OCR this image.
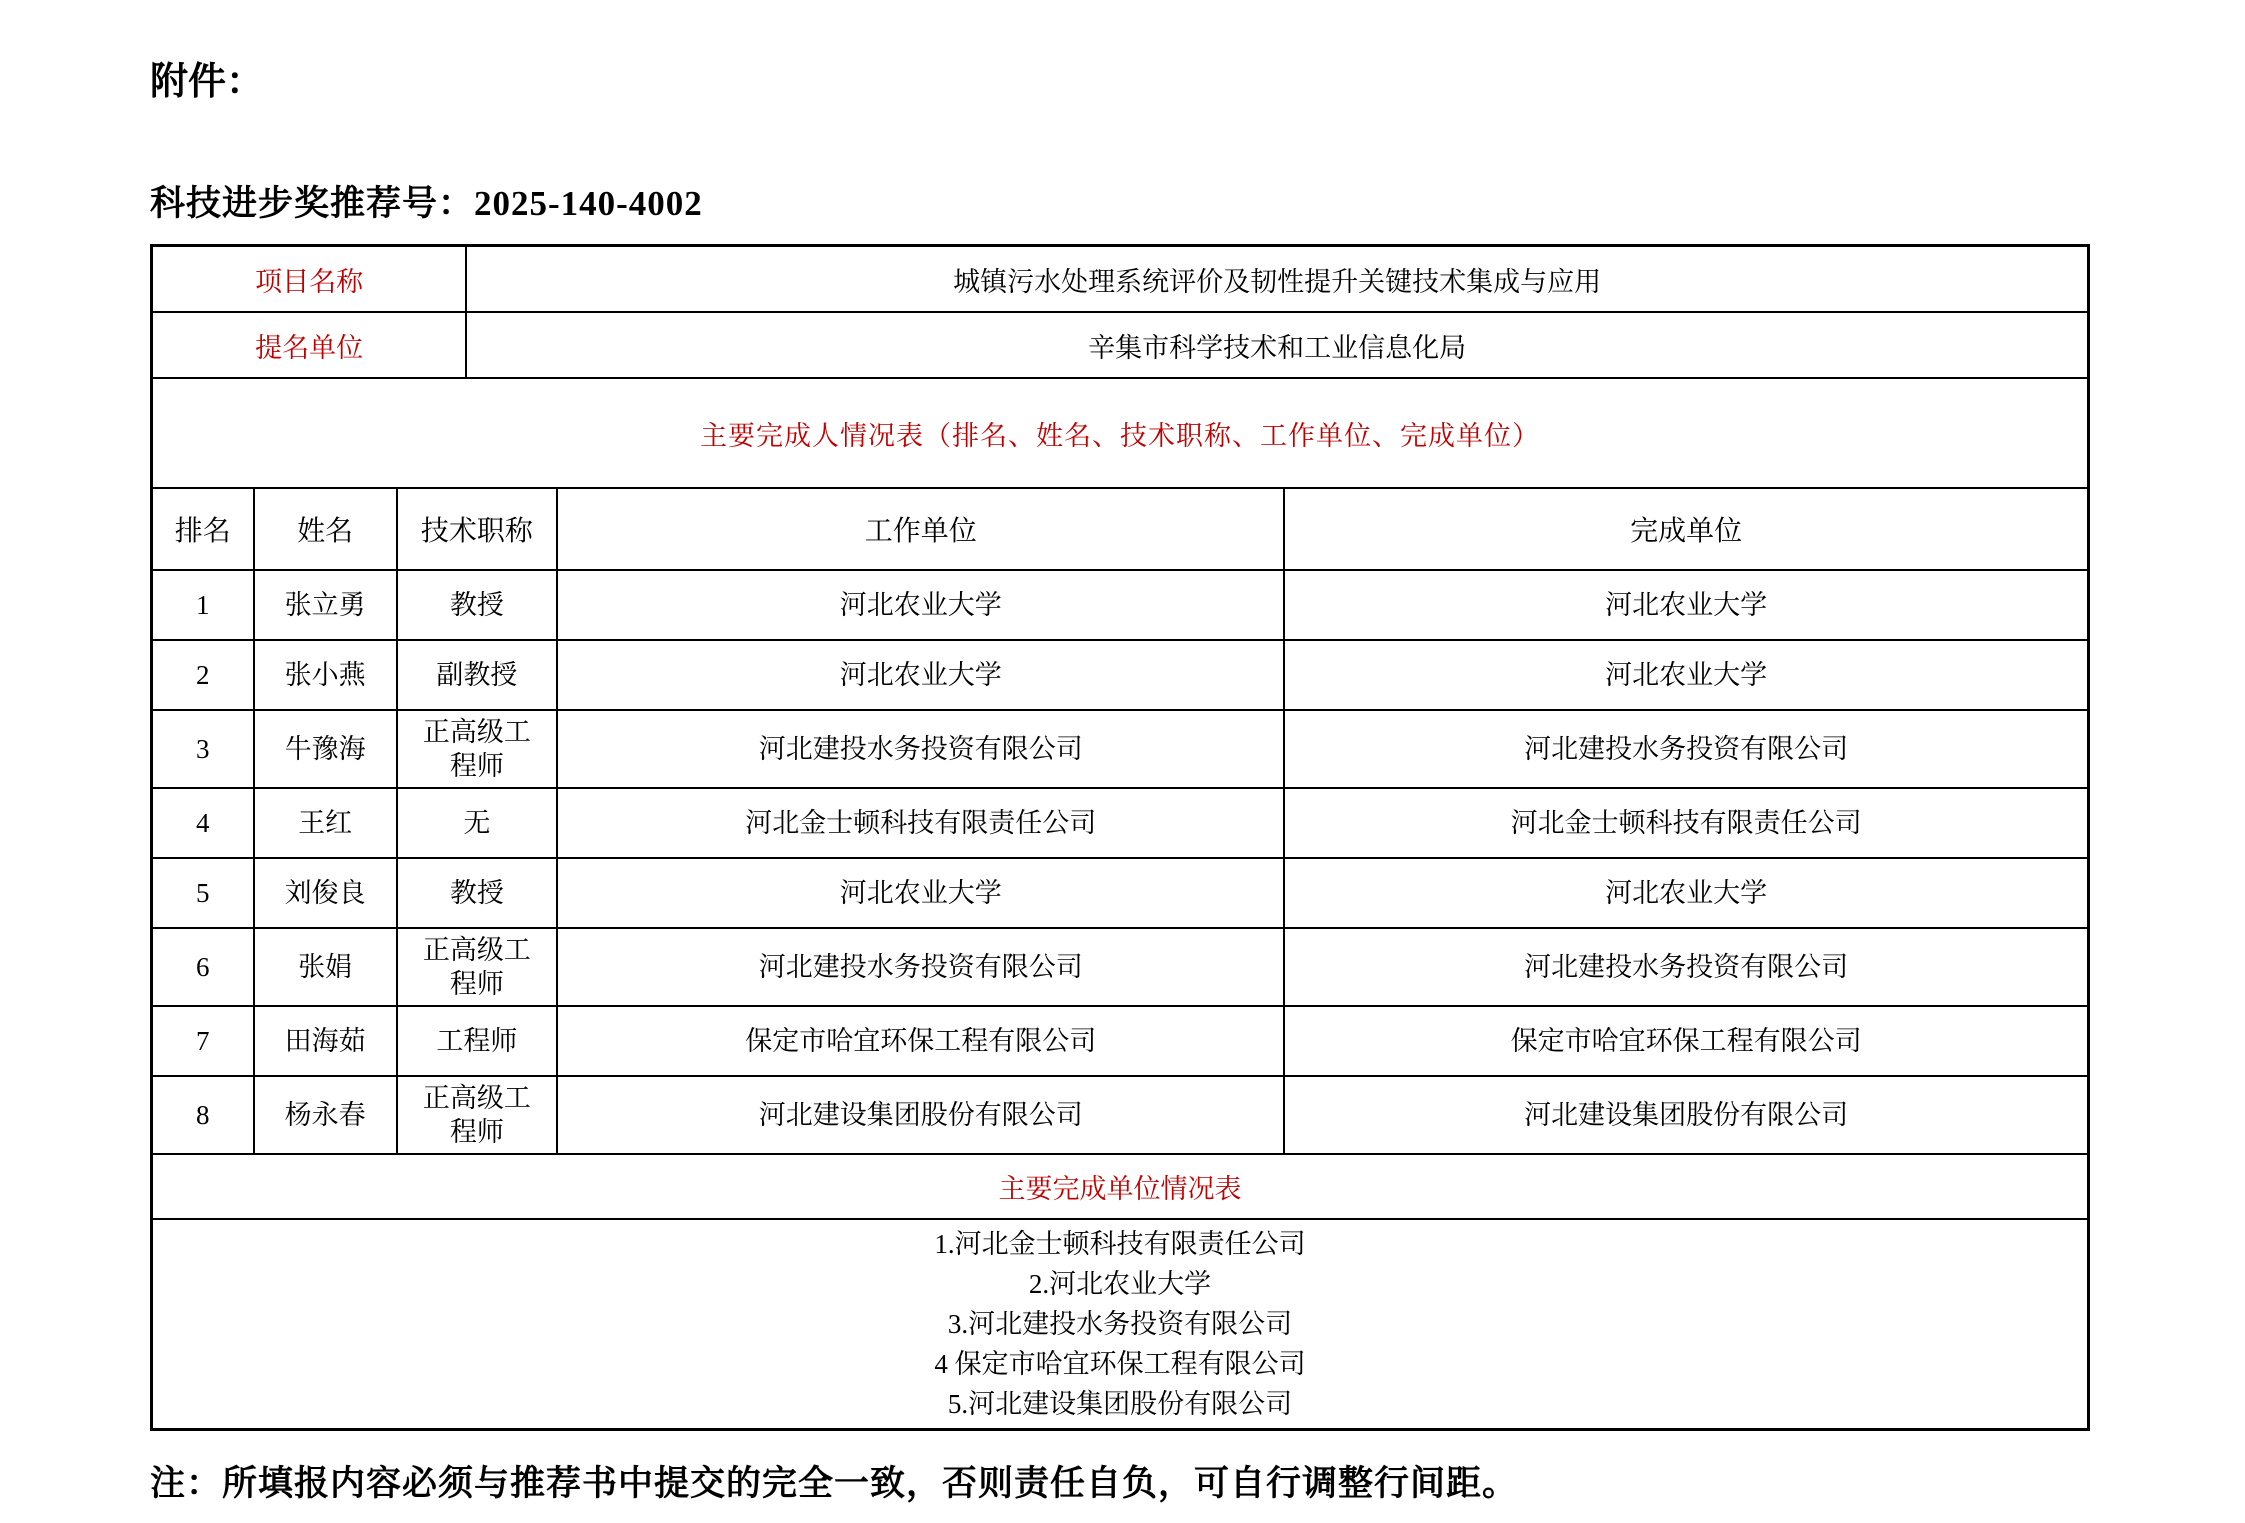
附件：
科技进步奖推荐号：2025-140-4002
项目名称	城镇污水处理系统评价及韧性提升关键技术集成与应用
提名单位	辛集市科学技术和工业信息化局
主要完成人情况表（排名、姓名、技术职称、工作单位、完成单位）	
排名	姓名	技术职称	工作单位	完成单位
1	张立勇	教授	河北农业大学	河北农业大学
2	张小燕	副教授	河北农业大学	河北农业大学
3	牛豫海	正高级工程师	河北建投水务投资有限公司	河北建投水务投资有限公司
4	王红	无	河北金士顿科技有限责任公司	河北金士顿科技有限责任公司
5	刘俊良	教授	河北农业大学	河北农业大学
6	张娟	正高级工程师	河北建投水务投资有限公司	河北建投水务投资有限公司
7	田海茹	工程师	保定市哈宜环保工程有限公司	保定市哈宜环保工程有限公司
8	杨永春	正高级工程师	河北建设集团股份有限公司	河北建设集团股份有限公司
主要完成单位情况表

1.河北金士顿科技有限责任公司
2.河北农业大学
3.河北建投水务投资有限公司
4 保定市哈宜环保工程有限公司
5.河北建设集团股份有限公司
注：所填报内容必须与推荐书中提交的完全一致，否则责任自负，可自行调整行间距。
